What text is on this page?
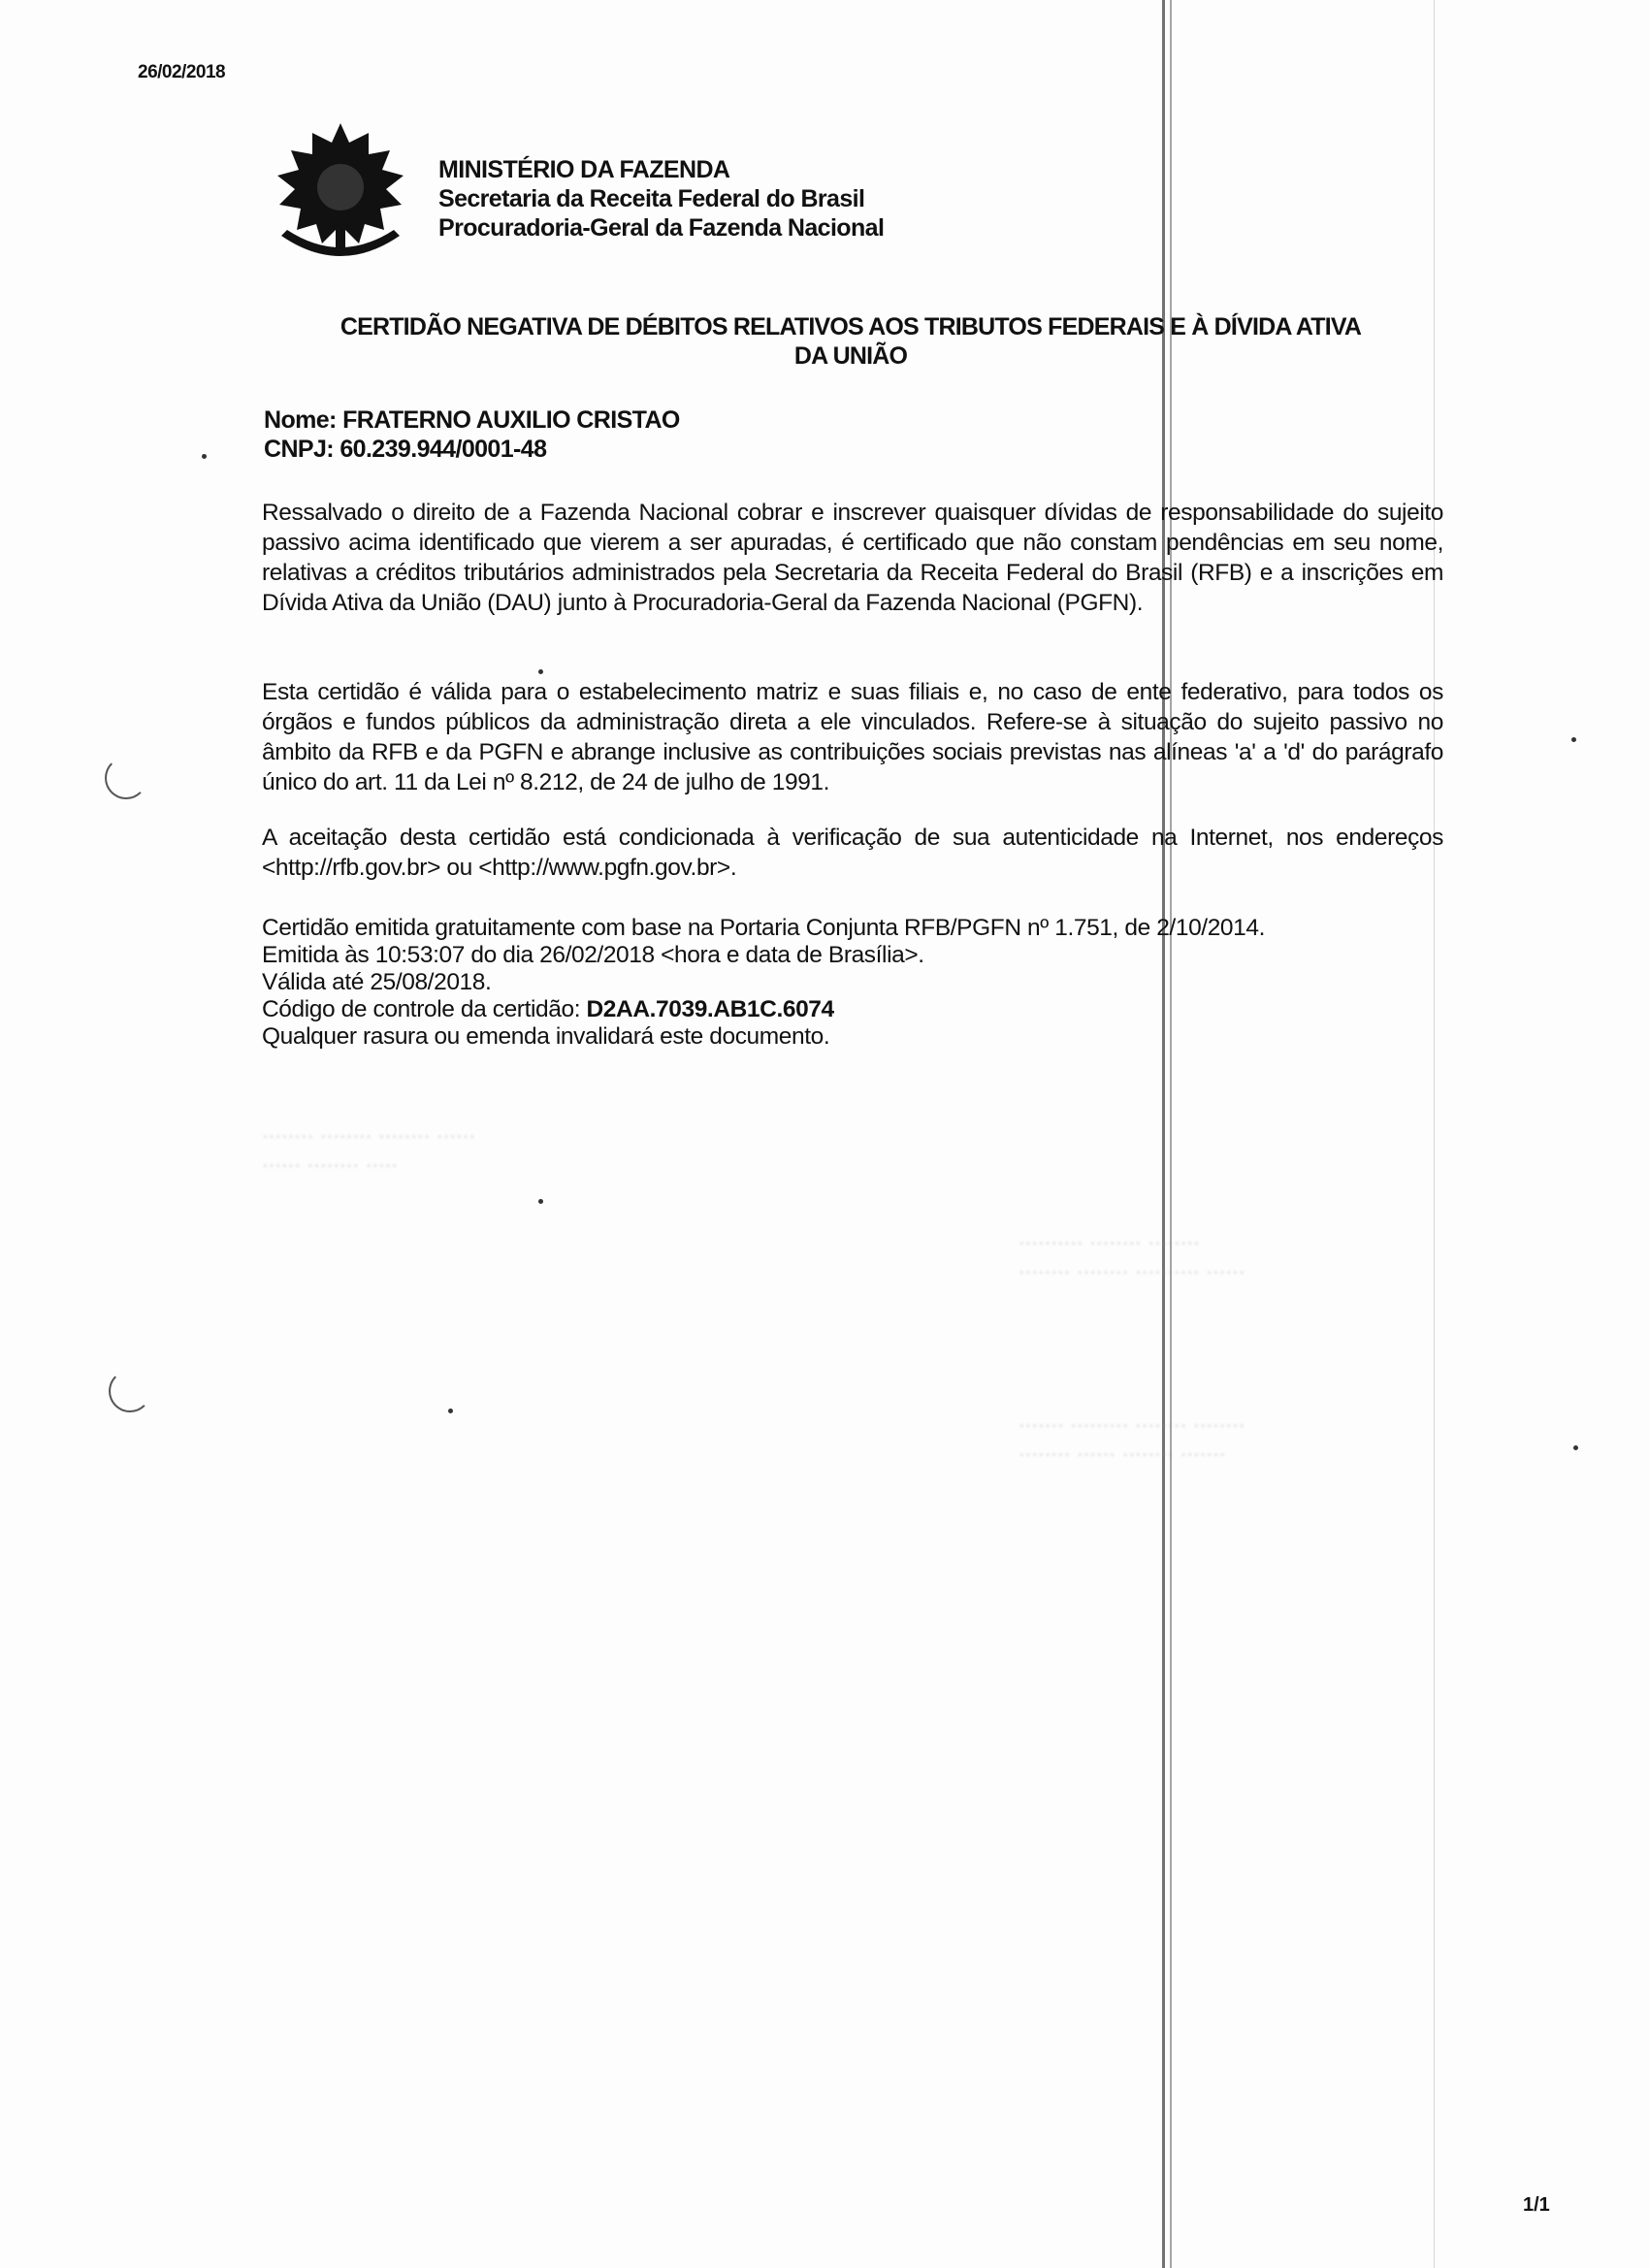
........ ........ ........ ......
...... ........ .....
.......... ........ ........
........ ........ .......... ......
....... ......... ........ ........
........ ...... ........ .......
26/02/2018
MINISTÉRIO DA FAZENDA
Secretaria da Receita Federal do Brasil
Procuradoria-Geral da Fazenda Nacional
CERTIDÃO NEGATIVA DE DÉBITOS RELATIVOS AOS TRIBUTOS FEDERAIS E À DÍVIDA ATIVA
DA UNIÃO
Nome: FRATERNO AUXILIO CRISTAO
CNPJ: 60.239.944/0001-48

Ressalvado o direito de a Fazenda Nacional cobrar e inscrever quaisquer dívidas de responsabilidade do sujeito passivo acima identificado que vierem a ser apuradas, é certificado que não constam pendências em seu nome, relativas a créditos tributários administrados pela Secretaria da Receita Federal do Brasil (RFB) e a inscrições em Dívida Ativa da União (DAU) junto à Procuradoria-Geral da Fazenda Nacional (PGFN).

Esta certidão é válida para o estabelecimento matriz e suas filiais e, no caso de ente federativo, para todos os órgãos e fundos públicos da administração direta a ele vinculados. Refere-se à situação do sujeito passivo no âmbito da RFB e da PGFN e abrange inclusive as contribuições sociais previstas nas alíneas 'a' a 'd' do parágrafo único do art. 11 da Lei nº 8.212, de 24 de julho de 1991.

A aceitação desta certidão está condicionada à verificação de sua autenticidade na Internet, nos endereços <http://rfb.gov.br> ou <http://www.pgfn.gov.br>.

Certidão emitida gratuitamente com base na Portaria Conjunta RFB/PGFN nº 1.751, de 2/10/2014.
Emitida às 10:53:07 do dia 26/02/2018 <hora e data de Brasília>.
Válida até 25/08/2018.
Código de controle da certidão: D2AA.7039.AB1C.6074
Qualquer rasura ou emenda invalidará este documento.
1/1
